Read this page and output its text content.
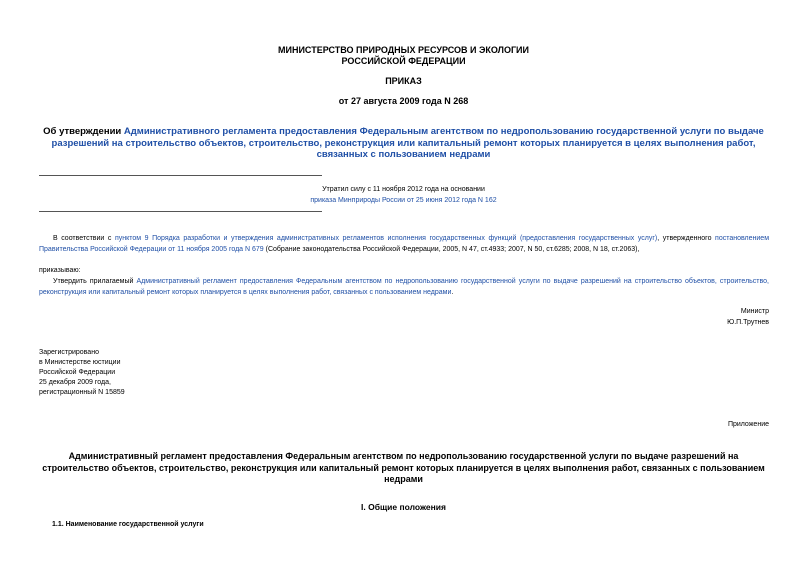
МИНИСТЕРСТВО ПРИРОДНЫХ РЕСУРСОВ И ЭКОЛОГИИ
РОССИЙСКОЙ ФЕДЕРАЦИИ
ПРИКАЗ
от 27 августа 2009 года N 268
Об утверждении Административного регламента предоставления Федеральным агентством по недропользованию государственной услуги по выдаче разрешений на строительство объектов, строительство, реконструкция или капитальный ремонт которых планируется в целях выполнения работ, связанных с пользованием недрами
Утратил силу с 11 ноября 2012 года на основании
приказа Минприроды России от 25 июня 2012 года N 162
В соответствии с пунктом 9 Порядка разработки и утверждения административных регламентов исполнения государственных функций (предоставления государственных услуг), утвержденного постановлением Правительства Российской Федерации от 11 ноября 2005 года N 679 (Собрание законодательства Российской Федерации, 2005, N 47, ст.4933; 2007, N 50, ст.6285; 2008, N 18, ст.2063),
приказываю:
Утвердить прилагаемый Административный регламент предоставления Федеральным агентством по недропользованию государственной услуги по выдаче разрешений на строительство объектов, строительство, реконструкция или капитальный ремонт которых планируется в целях выполнения работ, связанных с пользованием недрами.
Министр
Ю.П.Трутнев
Зарегистрировано
в Министерстве юстиции
Российской Федерации
25 декабря 2009 года,
регистрационный N 15859
Приложение
Административный регламент предоставления Федеральным агентством по недропользованию государственной услуги по выдаче разрешений на строительство объектов, строительство, реконструкция или капитальный ремонт которых планируется в целях выполнения работ, связанных с пользованием недрами
I. Общие положения
1.1. Наименование государственной услуги
